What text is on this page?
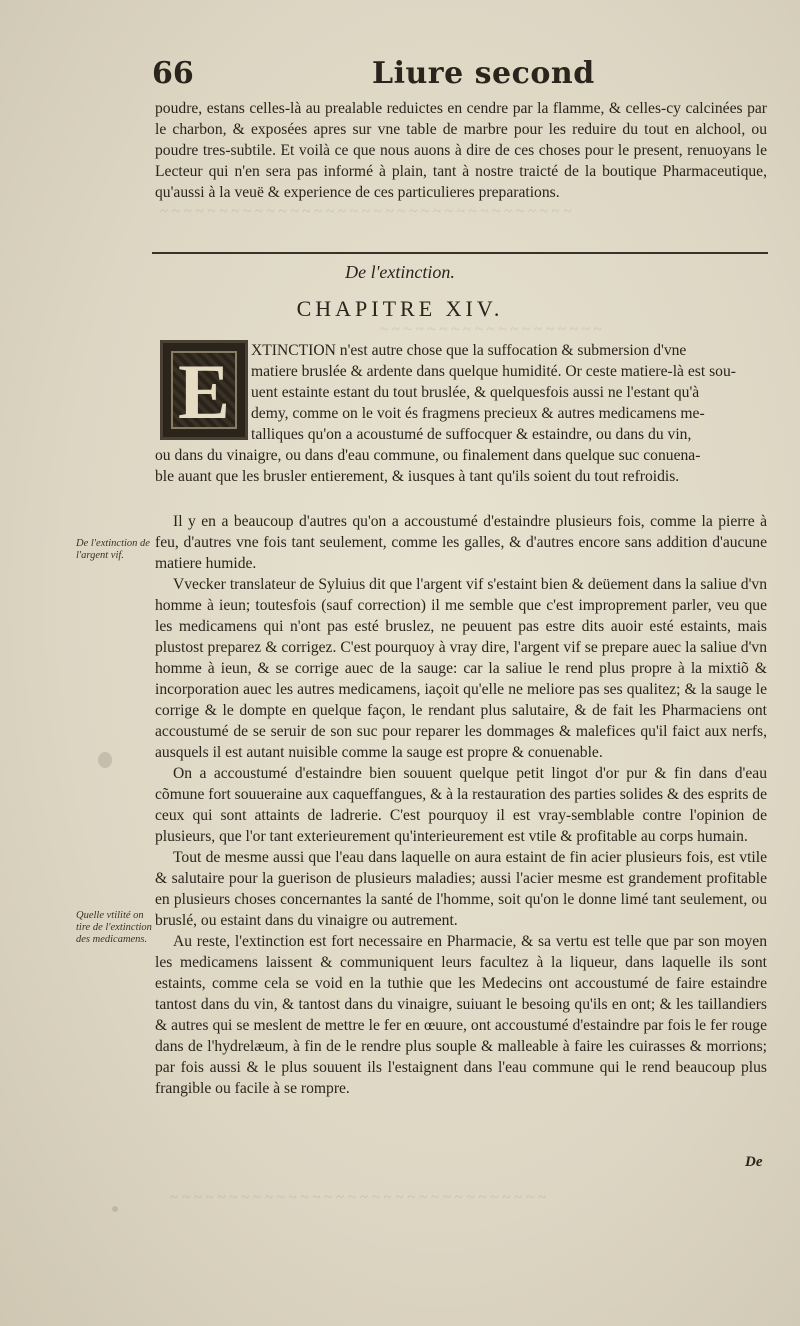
~ ~ ~ ~ ~ ~ ~ ~ ~ ~ ~ ~ ~ ~ ~ ~ ~ ~ ~ ~ ~ ~ ~ ~ ~ ~ ~ ~ ~ ~ ~ ~ ~ ~ ~
~ ~ ~ ~ ~ ~ ~ ~ ~ ~ ~ ~ ~ ~ ~ ~ ~ ~ ~
~ ~ ~ ~ ~ ~ ~ ~ ~ ~ ~ ~ ~ ~ ~ ~ ~ ~ ~ ~ ~ ~ ~ ~ ~ ~ ~ ~ ~ ~ ~ ~
66	Liure second
poudre, estans celles-là au prealable reduictes en cendre par la flamme, & celles-cy calcinées par le charbon, & exposées apres sur vne table de marbre pour les reduire du tout en alchool, ou poudre tres-subtile. Et voilà ce que nous auons à dire de ces choses pour le present, renuoyans le Lecteur qui n'en sera pas informé à plain, tant à nostre traicté de la boutique Pharmaceutique, qu'aussi à la veuë & experience de ces particulieres preparations.
De l'extinction.
CHAPITRE XIV.
E	XTINCTION n'est autre chose que la suffocation & submersion d'vne
matiere bruslée & ardente dans quelque humidité. Or ceste matiere-là est sou-
uent estainte estant du tout bruslée, & quelquesfois aussi ne l'estant qu'à
demy, comme on le voit és fragmens precieux & autres medicamens me-
talliques qu'on a acoustumé de suffocquer & estaindre, ou dans du vin,
ou dans du vinaigre, ou dans d'eau commune, ou finalement dans quelque suc conuena-
ble auant que les brusler entierement, & iusques à tant qu'ils soient du tout refroidis.

Il y en a beaucoup d'autres qu'on a accoustumé d'estaindre plusieurs fois, comme la pierre à feu, d'autres vne fois tant seulement, comme les galles, & d'autres encore sans addition d'aucune matiere humide.

Vvecker translateur de Syluius dit que l'argent vif s'estaint bien & deüement dans la saliue d'vn homme à ieun; toutesfois (sauf correction) il me semble que c'est improprement parler, veu que les medicamens qui n'ont pas esté bruslez, ne peuuent pas estre dits auoir esté estaints, mais plustost preparez & corrigez. C'est pourquoy à vray dire, l'argent vif se prepare auec la saliue d'vn homme à ieun, & se corrige auec de la sauge: car la saliue le rend plus propre à la mixtiõ & incorporation auec les autres medicamens, iaçoit qu'elle ne meliore pas ses qualitez; & la sauge le corrige & le dompte en quelque façon, le rendant plus salutaire, & de fait les Pharmaciens ont accoustumé de se seruir de son suc pour reparer les dommages & malefices qu'il faict aux nerfs, ausquels il est autant nuisible comme la sauge est propre & conuenable.

On a accoustumé d'estaindre bien souuent quelque petit lingot d'or pur & fin dans d'eau cõmune fort souueraine aux caqueffangues, & à la restauration des parties solides & des esprits de ceux qui sont attaints de ladrerie. C'est pourquoy il est vray-semblable contre l'opinion de plusieurs, que l'or tant exterieurement qu'interieurement est vtile & profitable au corps humain.

Tout de mesme aussi que l'eau dans laquelle on aura estaint de fin acier plusieurs fois, est vtile & salutaire pour la guerison de plusieurs maladies; aussi l'acier mesme est grandement profitable en plusieurs choses concernantes la santé de l'homme, soit qu'on le donne limé tant seulement, ou bruslé, ou estaint dans du vinaigre ou autrement.

Au reste, l'extinction est fort necessaire en Pharmacie, & sa vertu est telle que par son moyen les medicamens laissent & communiquent leurs facultez à la liqueur, dans laquelle ils sont estaints, comme cela se void en la tuthie que les Medecins ont accoustumé de faire estaindre tantost dans du vin, & tantost dans du vinaigre, suiuant le besoing qu'ils en ont; & les taillandiers & autres qui se meslent de mettre le fer en œuure, ont accoustumé d'estaindre par fois le fer rouge dans de l'hydrelæum, à fin de le rendre plus souple & malleable à faire les cuirasses & morrions; par fois aussi & le plus souuent ils l'estaignent dans l'eau commune qui le rend beaucoup plus frangible ou facile à se rompre.

De l'extinction de l'argent vif.
Quelle vtilité on tire de l'extinction des medicamens.
De
